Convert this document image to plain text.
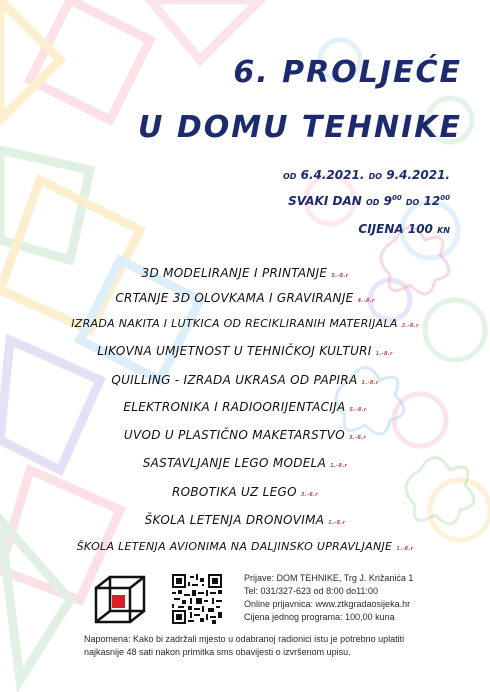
6. PROLJEĆE
U DOMU TEHNIKE
OD 6.4.2021. DO 9.4.2021.
SVAKI DAN OD $9^{00}$ DO $12^{00}$
CIJENA 100 KN
3D MODELIRANJE I PRINTANJE 5.-8.r
CRTANJE 3D OLOVKAMA I GRAVIRANJE 4.-8.r
IZRADA NAKITA I LUTKICA OD RECIKLIRANIH MATERIJALA 2.-8.r
LIKOVNA UMJETNOST U TEHNIČKOJ KULTURI 1.-8.r
QUILLING - IZRADA UKRASA OD PAPIRA 1.-8.r
ELEKTRONIKA I RADIOORIJENTACIJA 5.-8.r
UVOD U PLASTIČNO MAKETARSTVO 3.-8.r
SASTAVLJANJE LEGO MODELA 1.-8.r
ROBOTIKA UZ LEGO 3.-8.r
ŠKOLA LETENJA DRONOVIMA 1.-8.r
ŠKOLA LETENJA AVIONIMA NA DALJINSKO UPRAVLJANJE 1.-8.r
Prijave: DOM TEHNIKE, Trg J. Križanića 1
Tel: 031/327-623 od 8:00 do11:00
Online prijavnica: www.ztkgradaosijeka.hr
Cijena jednog programa: 100,00 kuna
Napomena: Kako bi zadržali mjesto u odabranoj radionici istu je potrebno uplatiti najkasnije 48 sati nakon primitka sms obavijesti o izvršenom upisu.
